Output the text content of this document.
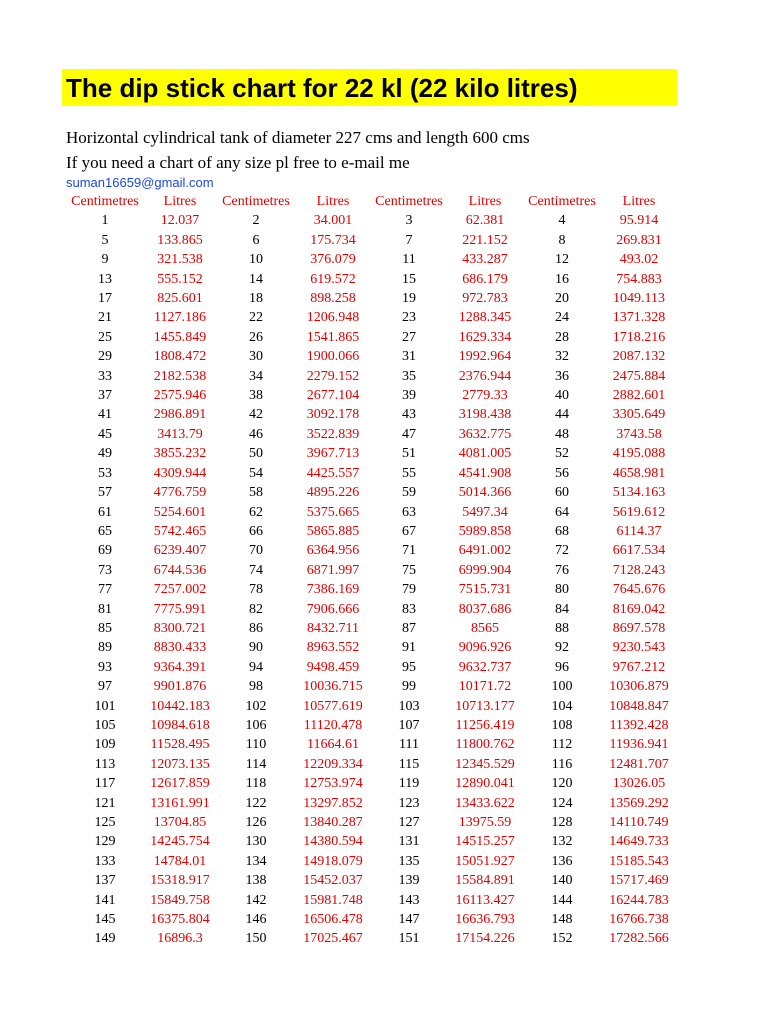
The dip stick chart for 22 kl (22 kilo litres)
Horizontal cylindrical tank of diameter 227 cms and length 600 cms
If you need a chart of any size pl free to e-mail me
suman16659@gmail.com
Centimetres	Litres	Centimetres	Litres	Centimetres	Litres	Centimetres	Litres
1	12.037	2	34.001	3	62.381	4	95.914
5	133.865	6	175.734	7	221.152	8	269.831
9	321.538	10	376.079	11	433.287	12	493.02
13	555.152	14	619.572	15	686.179	16	754.883
17	825.601	18	898.258	19	972.783	20	1049.113
21	1127.186	22	1206.948	23	1288.345	24	1371.328
25	1455.849	26	1541.865	27	1629.334	28	1718.216
29	1808.472	30	1900.066	31	1992.964	32	2087.132
33	2182.538	34	2279.152	35	2376.944	36	2475.884
37	2575.946	38	2677.104	39	2779.33	40	2882.601
41	2986.891	42	3092.178	43	3198.438	44	3305.649
45	3413.79	46	3522.839	47	3632.775	48	3743.58
49	3855.232	50	3967.713	51	4081.005	52	4195.088
53	4309.944	54	4425.557	55	4541.908	56	4658.981
57	4776.759	58	4895.226	59	5014.366	60	5134.163
61	5254.601	62	5375.665	63	5497.34	64	5619.612
65	5742.465	66	5865.885	67	5989.858	68	6114.37
69	6239.407	70	6364.956	71	6491.002	72	6617.534
73	6744.536	74	6871.997	75	6999.904	76	7128.243
77	7257.002	78	7386.169	79	7515.731	80	7645.676
81	7775.991	82	7906.666	83	8037.686	84	8169.042
85	8300.721	86	8432.711	87	8565	88	8697.578
89	8830.433	90	8963.552	91	9096.926	92	9230.543
93	9364.391	94	9498.459	95	9632.737	96	9767.212
97	9901.876	98	10036.715	99	10171.72	100	10306.879
101	10442.183	102	10577.619	103	10713.177	104	10848.847
105	10984.618	106	11120.478	107	11256.419	108	11392.428
109	11528.495	110	11664.61	111	11800.762	112	11936.941
113	12073.135	114	12209.334	115	12345.529	116	12481.707
117	12617.859	118	12753.974	119	12890.041	120	13026.05
121	13161.991	122	13297.852	123	13433.622	124	13569.292
125	13704.85	126	13840.287	127	13975.59	128	14110.749
129	14245.754	130	14380.594	131	14515.257	132	14649.733
133	14784.01	134	14918.079	135	15051.927	136	15185.543
137	15318.917	138	15452.037	139	15584.891	140	15717.469
141	15849.758	142	15981.748	143	16113.427	144	16244.783
145	16375.804	146	16506.478	147	16636.793	148	16766.738
149	16896.3	150	17025.467	151	17154.226	152	17282.566
